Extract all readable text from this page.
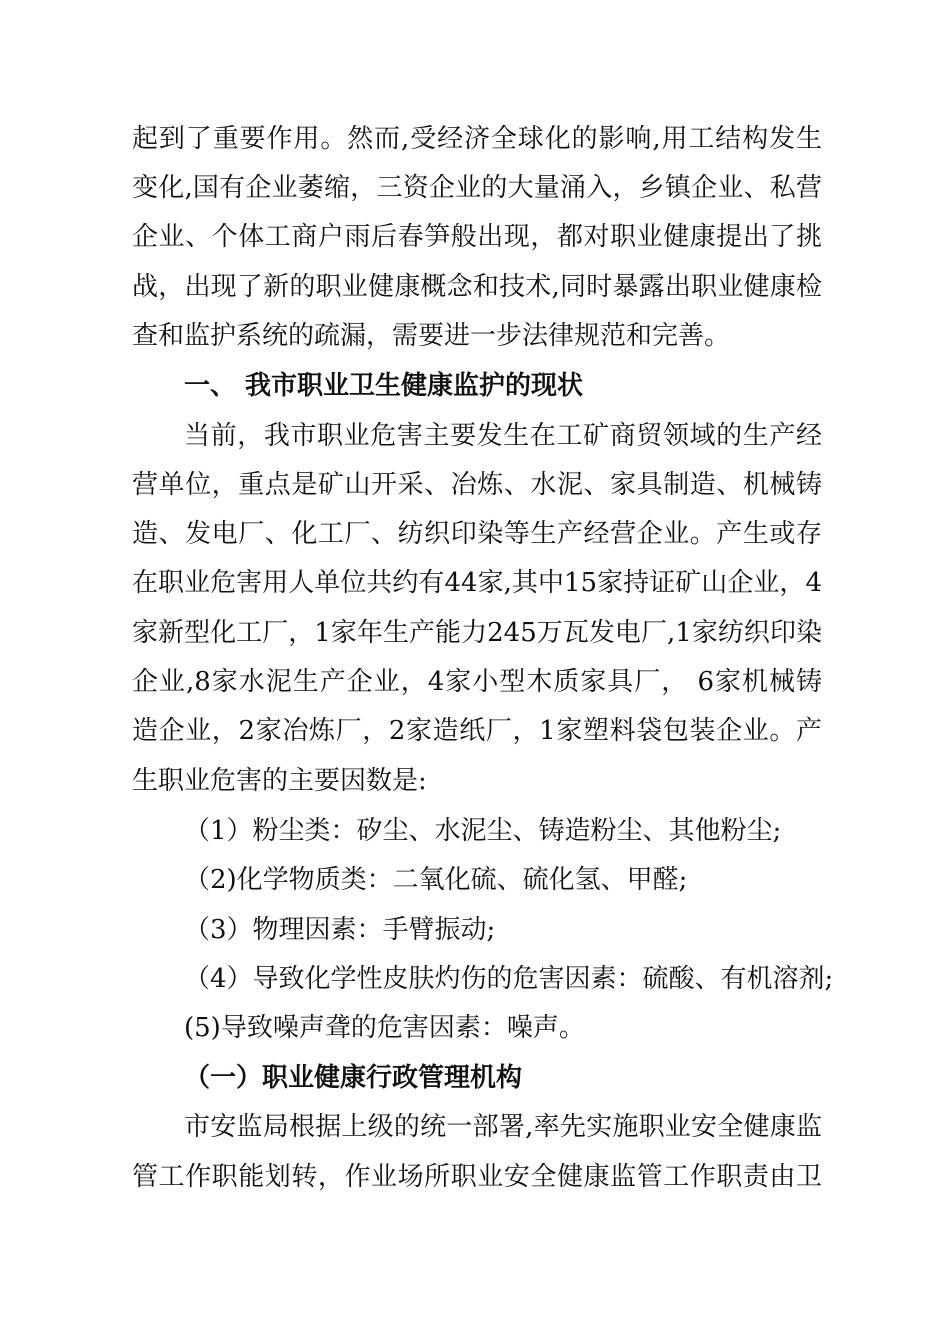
起到了重要作用。然而,受经济全球化的影响,用工结构发生
变化,国有企业萎缩，三资企业的大量涌入，乡镇企业、私营
企业、个体工商户雨后春笋般出现，都对职业健康提出了挑
战，出现了新的职业健康概念和技术,同时暴露出职业健康检
查和监护系统的疏漏，需要进一步法律规范和完善。
一、 我市职业卫生健康监护的现状
当前，我市职业危害主要发生在工矿商贸领域的生产经
营单位，重点是矿山开采、冶炼、水泥、家具制造、机械铸
造、发电厂、化工厂、纺织印染等生产经营企业。产生或存
在职业危害用人单位共约有44家,其中15家持证矿山企业，4
家新型化工厂，1家年生产能力245万瓦发电厂,1家纺织印染
企业,8家水泥生产企业，4家小型木质家具厂， 6家机械铸
造企业，2家冶炼厂，2家造纸厂，1家塑料袋包装企业。产
生职业危害的主要因数是:
（1）粉尘类：矽尘、水泥尘、铸造粉尘、其他粉尘;
（2)化学物质类：二氧化硫、硫化氢、甲醛;
（3）物理因素：手臂振动;
（4）导致化学性皮肤灼伤的危害因素：硫酸、有机溶剂;
(5)导致噪声聋的危害因素：噪声。
（一）职业健康行政管理机构
市安监局根据上级的统一部署,率先实施职业安全健康监
管工作职能划转，作业场所职业安全健康监管工作职责由卫
